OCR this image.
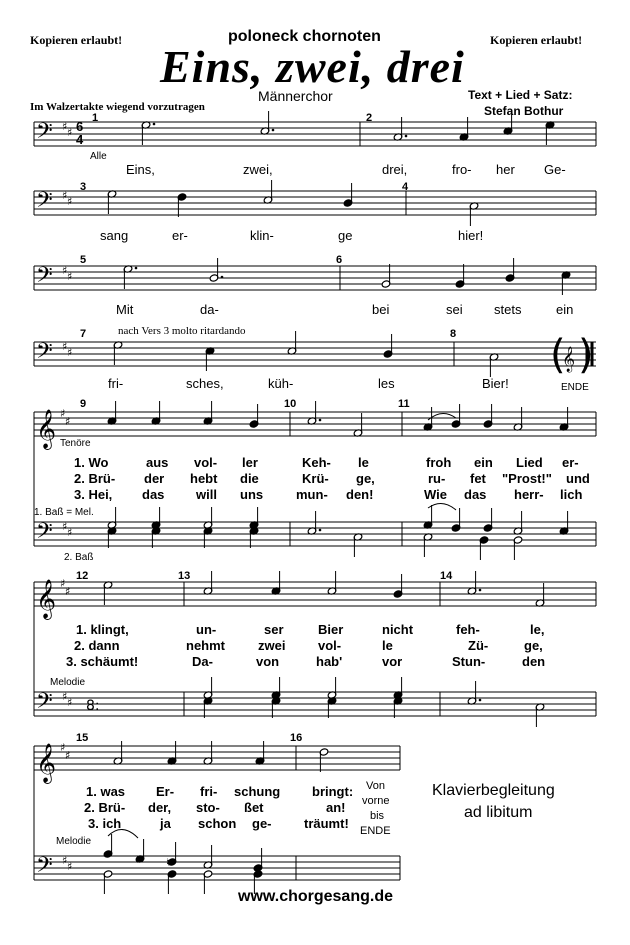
Kopieren erlaubt!	Kopieren erlaubt!
poloneck chornoten
Eins, zwei, drei
Männerchor	Text + Lied + Satz:
Stefan Bothur
Im Walzertakte wiegend vorzutragen
𝄢 ♯ ♯
𝄢 ♯ ♯
𝄢 ♯ ♯
𝄢 ♯ ♯	( )
𝄞
𝄞 ♯
♯
𝄢 ♯ ♯
𝄞 ♯
♯
𝄢 ♯ ♯ 8:
𝄞 ♯
♯
𝄢 ♯ ♯
♯ ♮
1	2
3	4
5	6
7	8
9	10	11
12	13	14
15	16
6
4
Alle
Eins,	zwei,	drei,	fro- her Ge-
sang	er-	klin-	ge	hier!
Mit	da-	bei	sei stets	ein
nach Vers 3 molto ritardando
fri-	sches,	küh-	les	Bier!	ENDE
Tenöre
1. Baß = Mel.
2. Baß
1. Wo	aus vol- ler	Keh- le	froh ein Lied er-
2. Brü- der hebt die	Krü- ge,	ru- fet "Prost!" und
3. Hei, das will uns	mun- den!	Wie das herr- lich
Melodie
1. klingt,	un-	ser	Bier	nicht	feh-	le,
2. dann	nehmt	zwei	vol-	le	Zü-	ge,
3. schäumt!	Da-	von	hab'	vor	Stun-	den
Melodie
1. was Er- fri- schung bringt:
2. Brü- der, sto- ßet	an!
3. ich	ja schon ge-	träumt!
Von
vorne
bis
ENDE
Klavierbegleitung
ad libitum
www.chorgesang.de
